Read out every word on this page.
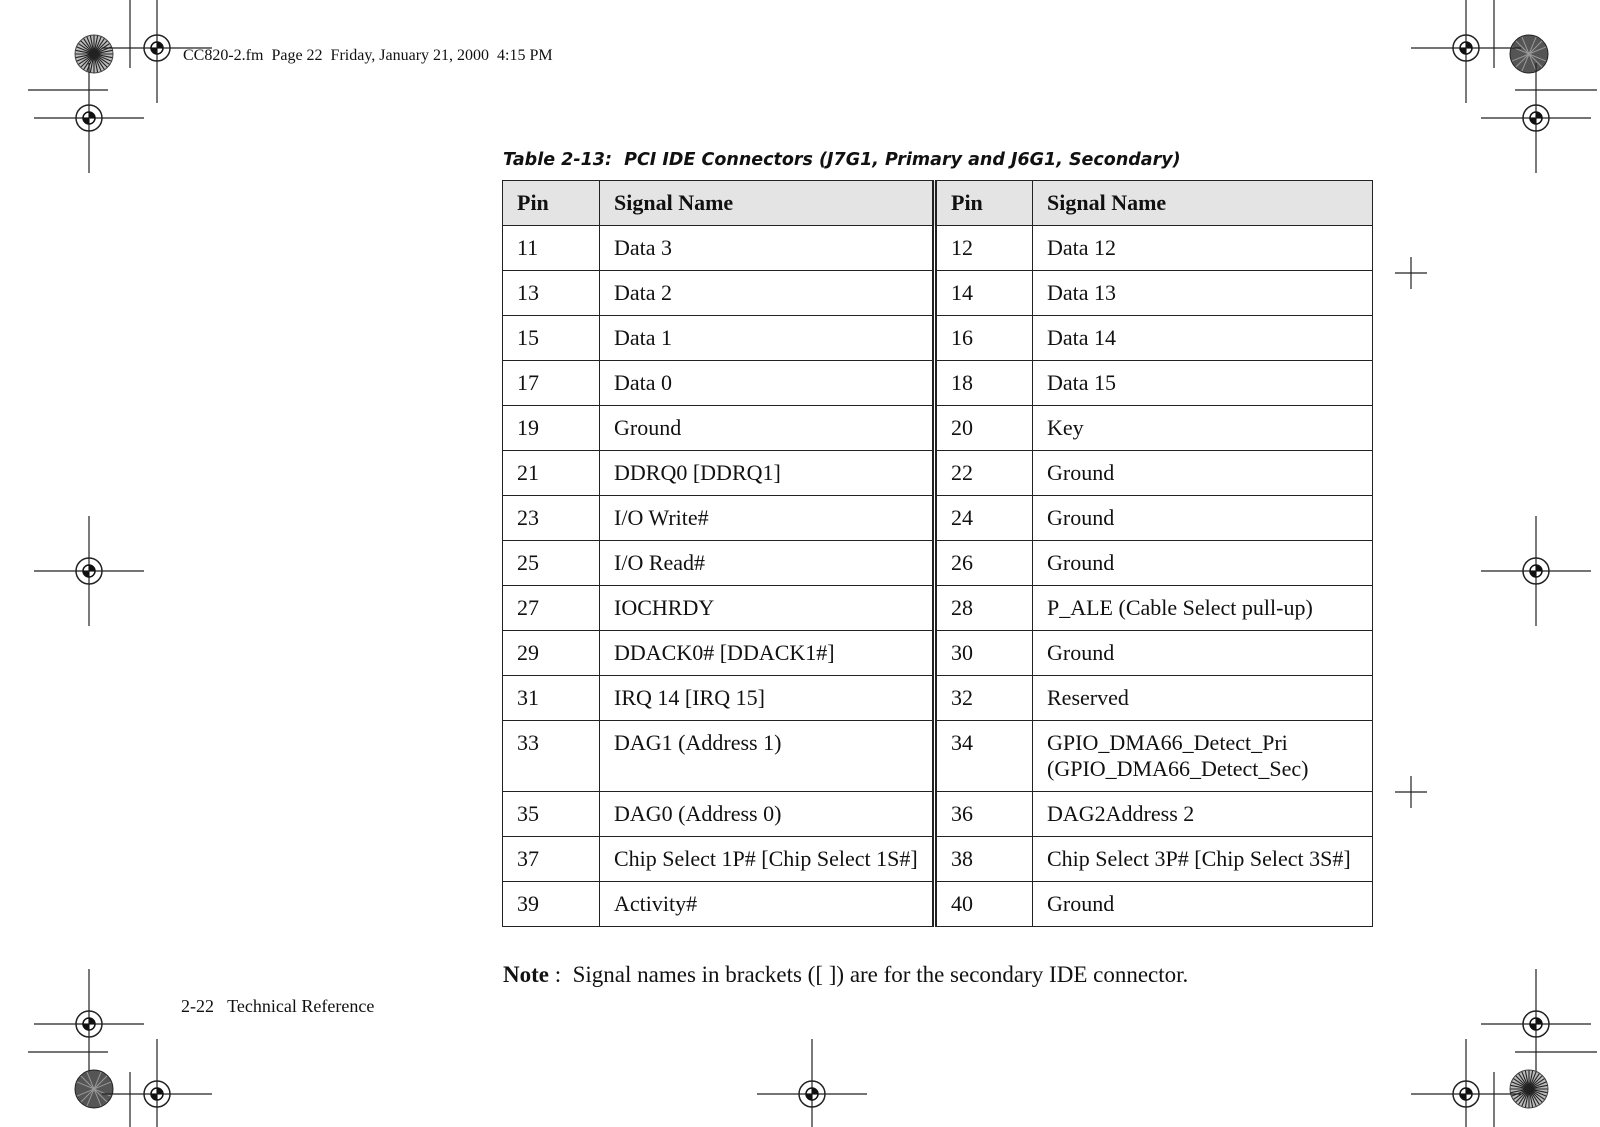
CC820-2.fm  Page 22  Friday, January 21, 2000  4:15 PM
Table 2-13:  PCI IDE Connectors (J7G1, Primary and J6G1, Secondary)
Pin	Signal Name	Pin	Signal Name
11	Data 3	12	Data 12
13	Data 2	14	Data 13
15	Data 1	16	Data 14
17	Data 0	18	Data 15
19	Ground	20	Key
21	DDRQ0 [DDRQ1]	22	Ground
23	I/O Write#	24	Ground
25	I/O Read#	26	Ground
27	IOCHRDY	28	P_ALE (Cable Select pull-up)
29	DDACK0# [DDACK1#]	30	Ground
31	IRQ 14 [IRQ 15]	32	Reserved
33	DAG1 (Address 1)	34	GPIO_DMA66_Detect_Pri (GPIO_DMA66_Detect_Sec)
35	DAG0 (Address 0)	36	DAG2Address 2
37	Chip Select 1P# [Chip Select 1S#]	38	Chip Select 3P# [Chip Select 3S#]
39	Activity#	40	Ground
Note :  Signal names in brackets ([ ]) are for the secondary IDE connector.
2-22   Technical Reference
